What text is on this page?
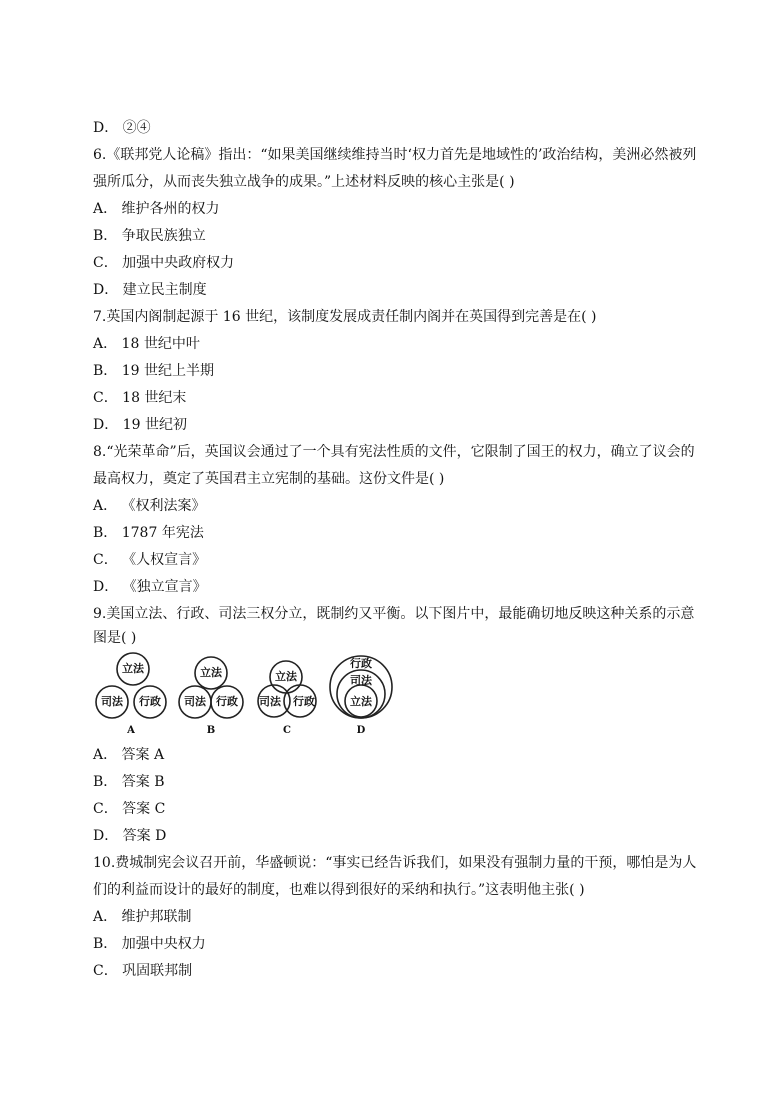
D． ②④
6.《联邦党人论稿》指出：“如果美国继续维持当时‘权力首先是地域性的’政治结构，美洲必然被列
强所瓜分，从而丧失独立战争的成果。”上述材料反映的核心主张是( )
A． 维护各州的权力
B． 争取民族独立
C． 加强中央政府权力
D． 建立民主制度
7.英国内阁制起源于 16 世纪，该制度发展成责任制内阁并在英国得到完善是在( )
A． 18 世纪中叶
B． 19 世纪上半期
C． 18 世纪末
D． 19 世纪初
8.“光荣革命”后，英国议会通过了一个具有宪法性质的文件，它限制了国王的权力，确立了议会的
最高权力，奠定了英国君主立宪制的基础。这份文件是( )
A． 《权利法案》
B． 1787 年宪法
C． 《人权宣言》
D． 《独立宣言》
9.美国立法、行政、司法三权分立，既制约又平衡。以下图片中，最能确切地反映这种关系的示意
图是( )
立法
司法 行政
立法
司法 行政
立法
司法 行政
行政
司法
立法
A	B	C	D
A． 答案 A
B． 答案 B
C． 答案 C
D． 答案 D
10.费城制宪会议召开前，华盛顿说：“事实已经告诉我们，如果没有强制力量的干预，哪怕是为人
们的利益而设计的最好的制度，也难以得到很好的采纳和执行。”这表明他主张( )
A． 维护邦联制
B． 加强中央权力
C． 巩固联邦制
